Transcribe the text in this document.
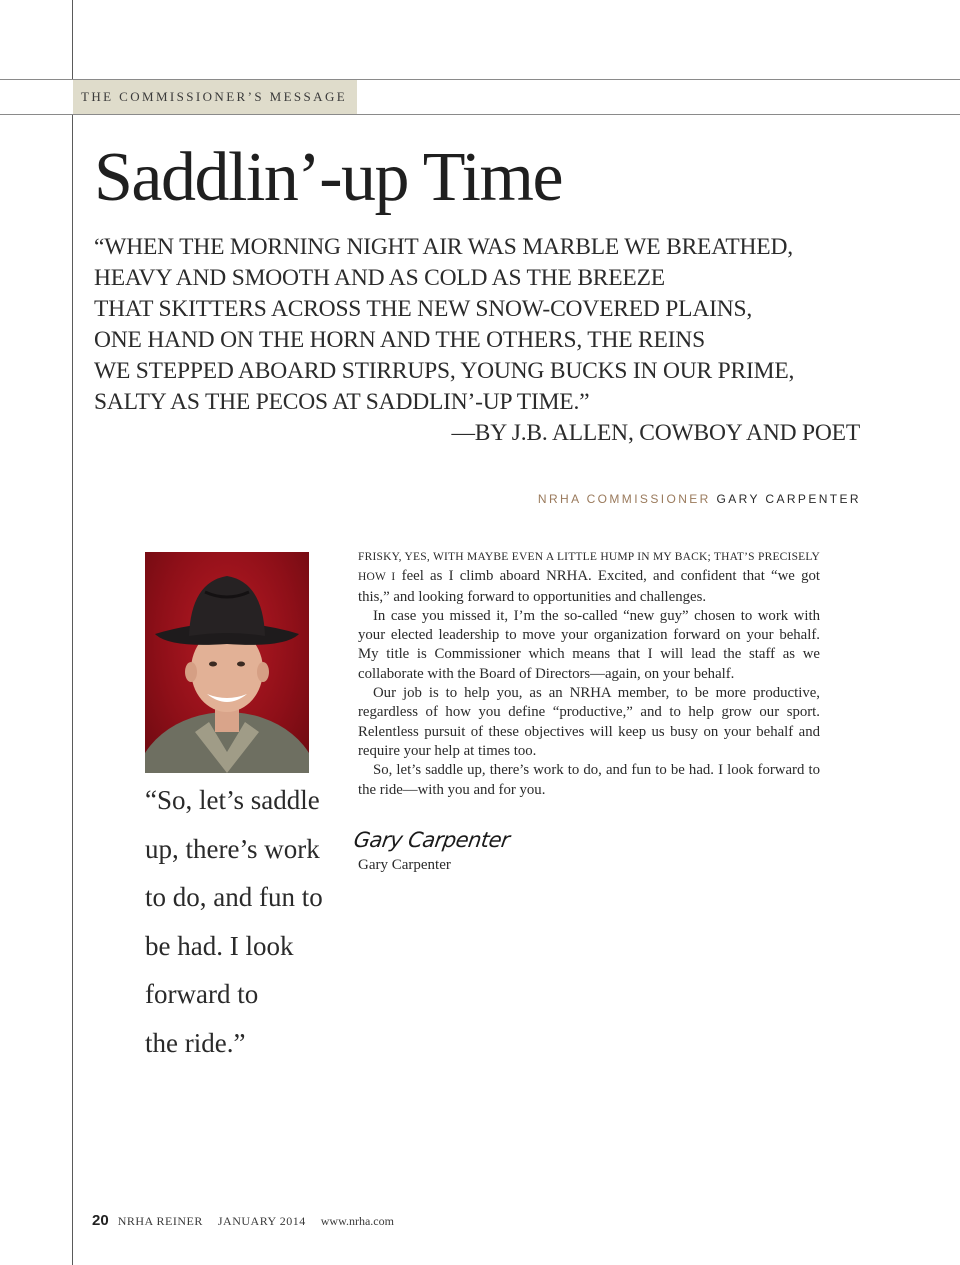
THE COMMISSIONER’S MESSAGE
Saddlin’-up Time
“WHEN THE MORNING NIGHT AIR WAS MARBLE WE BREATHED,
HEAVY AND SMOOTH AND AS COLD AS THE BREEZE
THAT SKITTERS ACROSS THE NEW SNOW-COVERED PLAINS,
ONE HAND ON THE HORN AND THE OTHERS, THE REINS
WE STEPPED ABOARD STIRRUPS, YOUNG BUCKS IN OUR PRIME,
SALTY AS THE PECOS AT SADDLIN’-UP TIME.”
—BY J.B. ALLEN, COWBOY AND POET
NRHA COMMISSIONER GARY CARPENTER
“So, let’s saddle
up, there’s work
to do, and fun to
be had. I look
forward to
the ride.”

FRISKY, YES, WITH MAYBE EVEN A LITTLE HUMP IN MY BACK; THAT’S PRECISELY HOW I feel as I climb aboard NRHA. Excited, and confident that “we got this,” and looking forward to opportunities and challenges.

In case you missed it, I’m the so-called “new guy” chosen to work with your elected leadership to move your organization forward on your behalf. My title is Commissioner which means that I will lead the staff as we collaborate with the Board of Directors—again, on your behalf.

Our job is to help you, as an NRHA member, to be more productive, regardless of how you define “productive,” and to help grow our sport. Relentless pursuit of these objectives will keep us busy on your behalf and require your help at times too.

So, let’s saddle up, there’s work to do, and fun to be had. I look forward to the ride—with you and for you.

Gary Carpenter
Gary Carpenter
20 NRHA REINER JANUARY 2014 www.nrha.com
